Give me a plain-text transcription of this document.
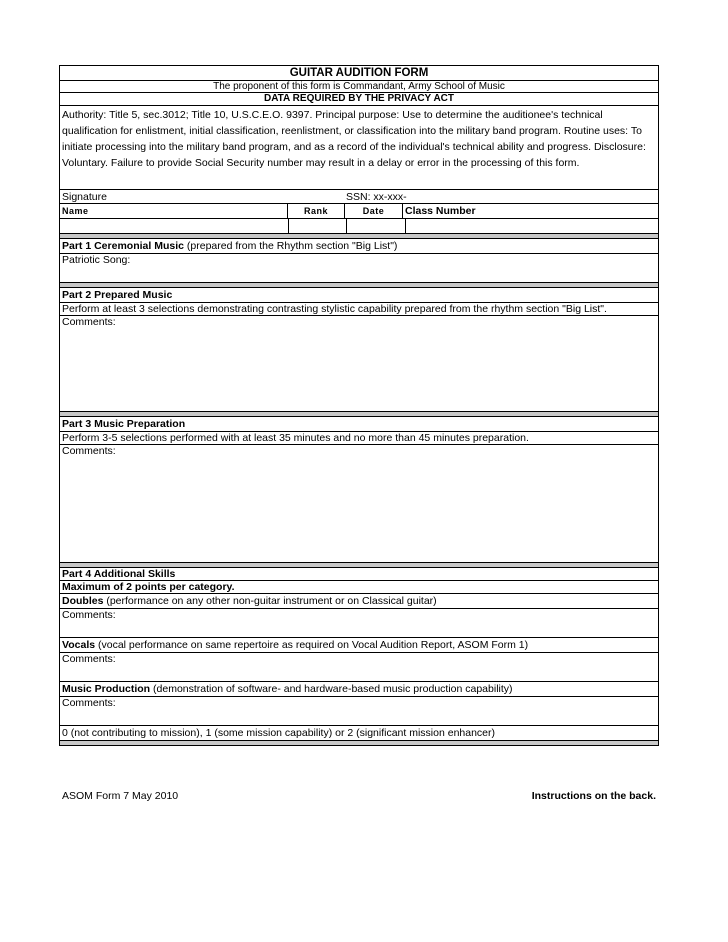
GUITAR AUDITION FORM
The proponent of this form is Commandant, Army School of Music
DATA REQUIRED BY THE PRIVACY ACT
Authority: Title 5, sec.3012; Title 10, U.S.C.E.O. 9397. Principal purpose: Use to determine the auditionee's technical qualification for enlistment, initial classification, reenlistment, or classification into the military band program. Routine uses: To initiate processing into the military band program, and as a record of the individual's technical ability and progress. Disclosure: Voluntary. Failure to provide Social Security number may result in a delay or error in the processing of this form.
Signature	SSN: xx-xxx-
Name	Rank	Date	Class Number
Part 1 Ceremonial Music (prepared from the Rhythm section "Big List")
Patriotic Song:
Part 2 Prepared Music
Perform at least 3 selections demonstrating contrasting stylistic capability prepared from the rhythm section "Big List".
Comments:
Part 3 Music Preparation
Perform 3-5 selections performed with at least 35 minutes and no more than 45 minutes preparation.
Comments:
Part 4 Additional Skills
Maximum of 2 points per category.
Doubles (performance on any other non-guitar instrument or on Classical guitar)
Comments:
Vocals (vocal performance on same repertoire as required on Vocal Audition Report, ASOM Form 1)
Comments:
Music Production (demonstration of software- and hardware-based music production capability)
Comments:
0 (not contributing to mission), 1 (some mission capability) or 2 (significant mission enhancer)
ASOM Form 7 May 2010	Instructions on the back.
